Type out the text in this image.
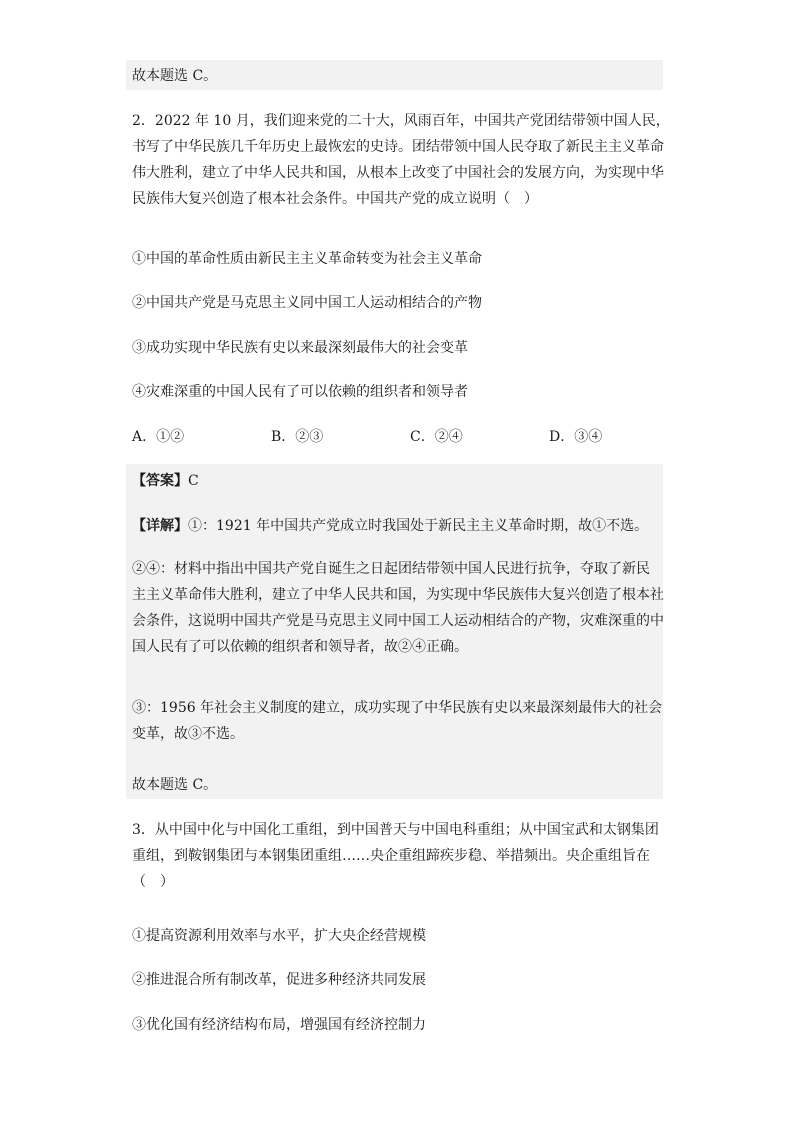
故本题选 C。
2．2022 年 10 月，我们迎来党的二十大，风雨百年，中国共产党团结带领中国人民，
书写了中华民族几千年历史上最恢宏的史诗。团结带领中国人民夺取了新民主主义革命
伟大胜利，建立了中华人民共和国，从根本上改变了中国社会的发展方向，为实现中华
民族伟大复兴创造了根本社会条件。中国共产党的成立说明（　）
①中国的革命性质由新民主主义革命转变为社会主义革命
②中国共产党是马克思主义同中国工人运动相结合的产物
③成功实现中华民族有史以来最深刻最伟大的社会变革
④灾难深重的中国人民有了可以依赖的组织者和领导者
A．①②	B．②③	C．②④	D．③④
【答案】C
【详解】①：1921 年中国共产党成立时我国处于新民主主义革命时期，故①不选。
②④：材料中指出中国共产党自诞生之日起团结带领中国人民进行抗争，夺取了新民
主主义革命伟大胜利，建立了中华人民共和国，为实现中华民族伟大复兴创造了根本社
会条件，这说明中国共产党是马克思主义同中国工人运动相结合的产物，灾难深重的中
国人民有了可以依赖的组织者和领导者，故②④正确。
③：1956 年社会主义制度的建立，成功实现了中华民族有史以来最深刻最伟大的社会
变革，故③不选。
故本题选 C。
3．从中国中化与中国化工重组，到中国普天与中国电科重组；从中国宝武和太钢集团
重组，到鞍钢集团与本钢集团重组……央企重组蹄疾步稳、举措频出。央企重组旨在
（　）
①提高资源利用效率与水平，扩大央企经营规模
②推进混合所有制改革，促进多种经济共同发展
③优化国有经济结构布局，增强国有经济控制力
